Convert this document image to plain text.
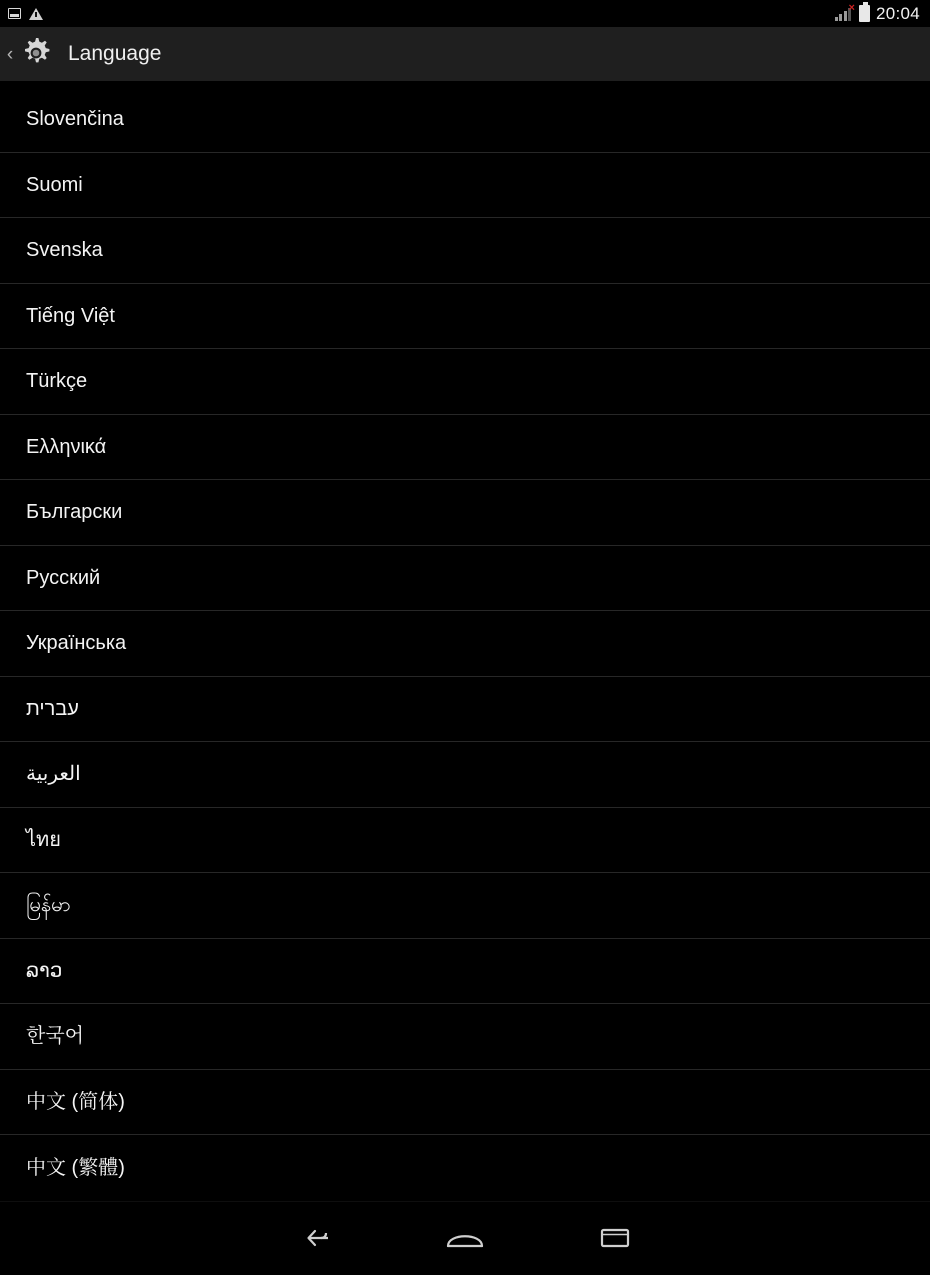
× 20:04
‹	Language
Slovenčina
Suomi
Svenska
Tiếng Việt
Türkçe
Ελληνικά
Български
Русский
Українська
עברית
العربية
ไทย
မြန်မာ
ລາວ
한국어
中文 (简体)
中文 (繁體)
